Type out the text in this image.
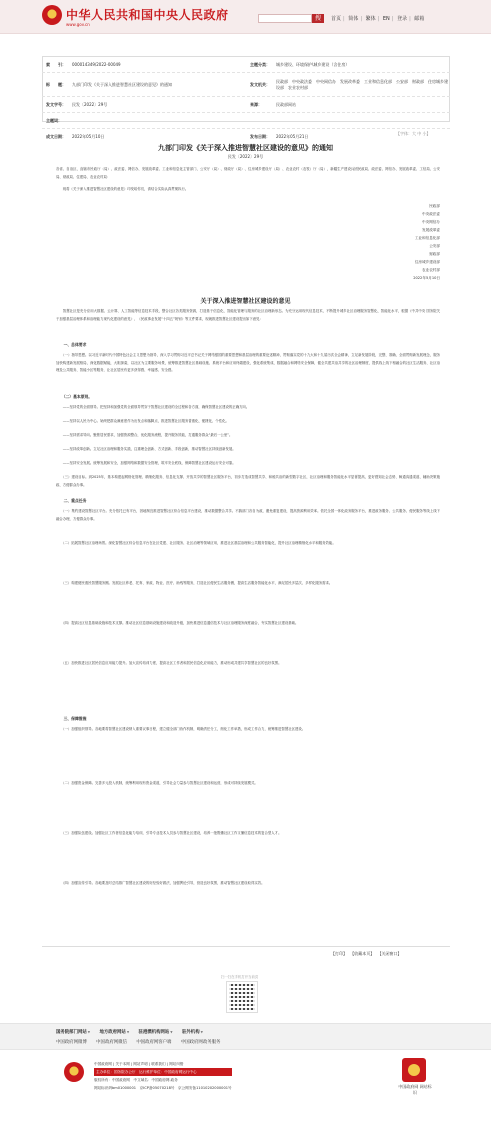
中华人民共和国中央人民政府
www.gov.cn
搜	首页 | 简体 | 繁体 | EN | 登录 | 邮箱
索　　引：	000014349/2022-00049	主题分类：	城乡建设、环境保护\城乡建设（含住房）
标　　题：	九部门印发《关于深入推进智慧社区建设的意见》的通知	发文机关：
民政部　中央政法委　中央网信办　发展改革委　工业和信息化部　公安部　财政部　住房城乡建设部　农业农村部
发文字号：	民发〔2022〕29号	来源：	民政部网站
主题词：
成文日期：	2022年05月10日	发布日期：	2022年05月21日
【字体：大 中 小】
九部门印发《关于深入推进智慧社区建设的意见》的通知
民发〔2022〕29号
各省、自治区、直辖市民政厅（局）、政法委、网信办、发展改革委、工业和信息化主管部门、公安厅（局）、财政厅（局）、住房城乡建设厅（局）、农业农村（农牧）厅（局），新疆生产建设兵团民政局、政法委、网信办、发展改革委、工信局、公安局、财政局、住建局、农业农村局：
　　现将《关于深入推进智慧社区建设的意见》印发给你们，请结合实际认真贯彻执行。
民政部
中央政法委
中央网信办
发展改革委
工业和信息化部
公安部
财政部
住房城乡建设部
农业农村部
2022年5月10日
关于深入推进智慧社区建设的意见
　　智慧社区是充分应用大数据、云计算、人工智能等信息技术手段，整合社区各类服务资源，打造基于信息化、智能化管理与服务的社区治理新形态。为充分运用现代信息技术，不断提升城乡社区治理服务智慧化、智能化水平，根据《中共中央 国务院关于加强基层治理体系和治理能力现代化建设的意见》、《民政事业发展“十四五”规划》等文件要求，现就推进智慧社区建设提出如下意见：
　　一、总体要求
　　（一）指导思想。以习近平新时代中国特色社会主义思想为指导，深入学习贯彻习近平总书记关于网络强国的重要思想和基层治理的重要论述精神，贯彻落实党的十九大和十九届历次全会精神，立足新发展阶段，完整、准确、全面贯彻新发展理念，服务加快构建新发展格局，深化数据赋能，大胆探索，以社区为主要服务场景，统筹推进智慧社区基础设施、系统平台和应用终端建设，强化系统集成、数据融合和网络安全保障，健全共建共治共享的社区治理制度，提供线上线下相融合的社区生活服务、社区治理及公共服务、智能小区等服务，让社区居民有更多获得感、幸福感、安全感。
　　（二）基本原则。
　　——坚持党的全面领导。把坚持和加强党的全面领导贯穿于智慧社区建设的全过程和各方面，确保智慧社区建设的正确方向。
　　——坚持以人民为中心。始终把群众满意度作为出发点和落脚点，推进智慧社区服务普惠化、便捷化、个性化。
　　——坚持需求导向。聚焦居民需求，加强资源整合，优化服务流程，提升服务效能，打通服务群众“最后一公里”。
　　——坚持改革创新。立足社区治理和服务实践，注重理念创新、方式创新、手段创新，推动智慧社区持续创新发展。
　　——坚持安全发展。统筹发展和安全，加强网络和数据安全管理，筑牢安全底线，保障智慧社区建设运行安全可靠。
　　（三）建设目标。到2025年，基本构建起网格化管理、精细化服务、信息化支撑、开放共享的智慧社区服务平台，初步打造成智慧共享、和睦共治的新型数字社区，社区治理和服务智能化水平显著提高，更好感知社会态势、畅通沟通渠道、辅助决策施政、方便群众办事。
　　二、重点任务
　　（一）集约建设智慧社区平台。充分依托已有平台，因地制宜推进智慧社区综合信息平台建设，推动数据整合共享。不搞部门各自为政，避免重复建设，提高资源利用效率。依托全国一体化政务服务平台，推进政务服务、公共服务、便民服务等线上线下融合办理，方便群众办事。
　　（二）拓展智慧社区治理场景。深化智慧社区综合信息平台在社区党建、社区服务、社区治理等领域应用，推进社区基层治理和公共服务智能化，提升社区治理精细化水平和服务效能。
　　（三）构建便民惠民智慧服务圈。发展社区养老、托育、家政、物业、医疗、助残等服务，打造社区便民生活服务圈，提高生活服务智能化水平，满足居民多层次、多样化服务需求。
　　（四）提高社区信息基础设施和技术支撑。推动社区信息基础设施建设和改造升级，加快推进信息通信技术与社区治理服务深度融合，夯实智慧社区建设基础。
　　（五）加快推进社区居民信息应用能力提升。加大宣传培训力度，提高社区工作者和居民信息化应用能力，推动形成共建共享智慧社区的良好氛围。
　　三、保障措施
　　（一）加强组织领导。各地要将智慧社区建设纳入重要议事日程，建立健全部门协作机制，明确责任分工，细化工作举措，形成工作合力，统筹推进智慧社区建设。
　　（二）加强资金保障。完善多元投入机制，统筹利用现有资金渠道，引导社会力量参与智慧社区建设和运营，形成可持续发展模式。
　　（三）加强队伍建设。加强社区工作者信息化能力培训，引导专业技术人员参与智慧社区建设，培养一批既懂社区工作又懂信息技术的复合型人才。
　　（四）加强宣传引导。各地要及时总结推广智慧社区建设的好经验好做法，加强舆论引导，营造良好氛围，推动智慧社区建设取得实效。
【打印】 【收藏本页】 【关闭窗口】
扫一扫在手机打开当前页
国务院部门网站▼ 地方政府网站▼ 驻港澳机构网站▼ 驻外机构▼
中国政府网微博 中国政府网微信 中国政府网客户端 中国政府网政务服务
中国政府网 | 关于本网 | 网站声明 | 联系我们 | 网站纠错
主办单位：国务院办公厅　运行维护单位：中国政府网运行中心
版权所有：中国政府网　中文域名：中国政府网.政务
网站标识码bm01000001　京ICP备05070218号　京公网安备11010202000001号	中国政府网 网站标识
